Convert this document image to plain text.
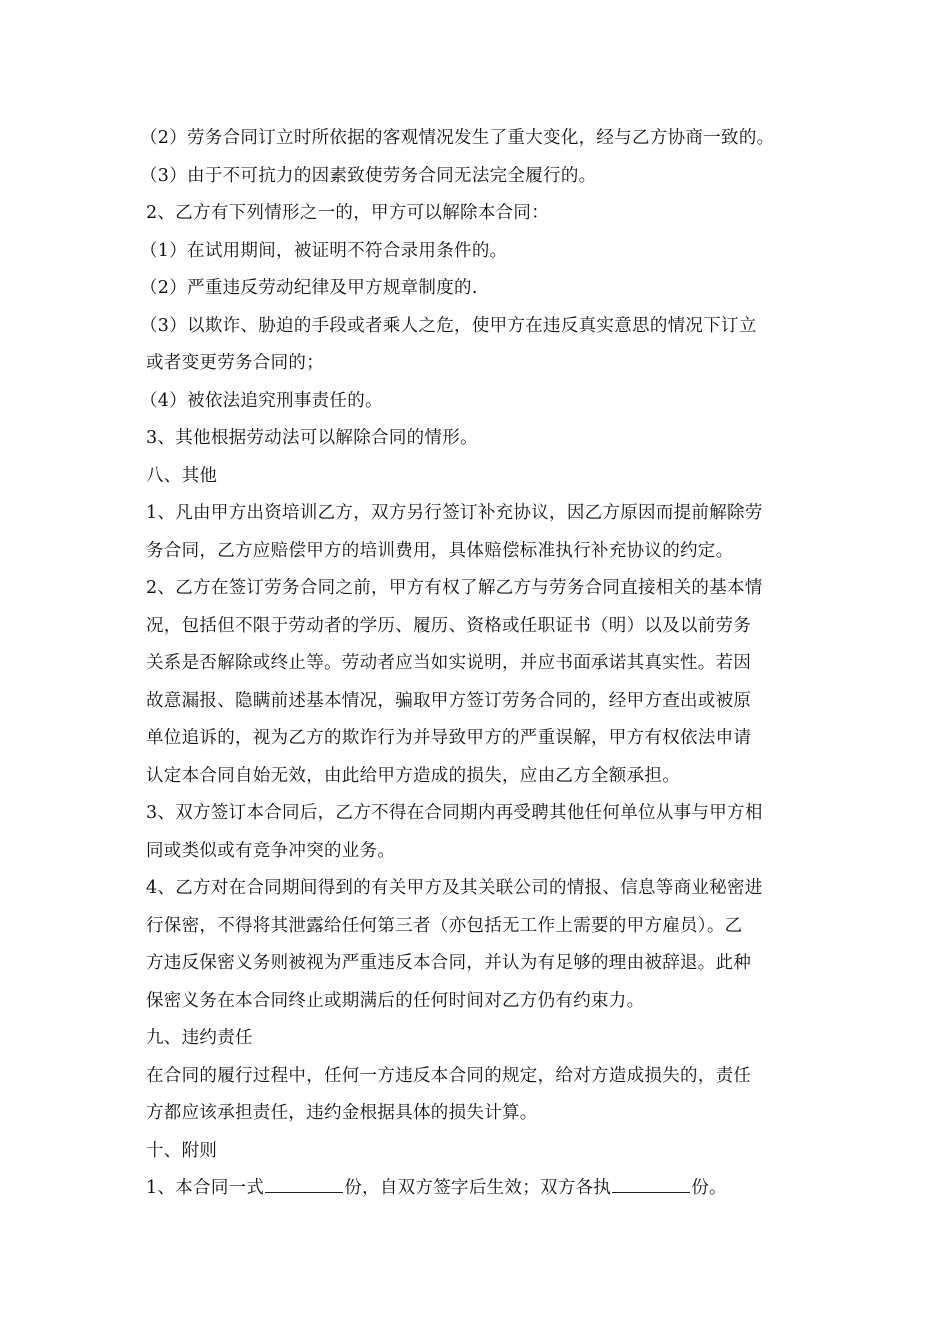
（2）劳务合同订立时所依据的客观情况发生了重大变化，经与乙方协商一致的。
（3）由于不可抗力的因素致使劳务合同无法完全履行的。
2、乙方有下列情形之一的，甲方可以解除本合同：
（1）在试用期间，被证明不符合录用条件的。
（2）严重违反劳动纪律及甲方规章制度的.
（3）以欺诈、胁迫的手段或者乘人之危，使甲方在违反真实意思的情况下订立
或者变更劳务合同的；
（4）被依法追究刑事责任的。
3、其他根据劳动法可以解除合同的情形。
八、其他
1、凡由甲方出资培训乙方，双方另行签订补充协议，因乙方原因而提前解除劳
务合同，乙方应赔偿甲方的培训费用，具体赔偿标准执行补充协议的约定。
2、乙方在签订劳务合同之前，甲方有权了解乙方与劳务合同直接相关的基本情
况，包括但不限于劳动者的学历、履历、资格或任职证书（明）以及以前劳务
关系是否解除或终止等。劳动者应当如实说明，并应书面承诺其真实性。若因
故意漏报、隐瞒前述基本情况，骗取甲方签订劳务合同的，经甲方查出或被原
单位追诉的，视为乙方的欺诈行为并导致甲方的严重误解，甲方有权依法申请
认定本合同自始无效，由此给甲方造成的损失，应由乙方全额承担。
3、双方签订本合同后，乙方不得在合同期内再受聘其他任何单位从事与甲方相
同或类似或有竞争冲突的业务。
4、乙方对在合同期间得到的有关甲方及其关联公司的情报、信息等商业秘密进
行保密，不得将其泄露给任何第三者（亦包括无工作上需要的甲方雇员）。乙
方违反保密义务则被视为严重违反本合同，并认为有足够的理由被辞退。此种
保密义务在本合同终止或期满后的任何时间对乙方仍有约束力。
九、违约责任
在合同的履行过程中，任何一方违反本合同的规定，给对方造成损失的，责任
方都应该承担责任，违约金根据具体的损失计算。
十、附则
1、本合同一式	份，自双方签字后生效；双方各执	份。
